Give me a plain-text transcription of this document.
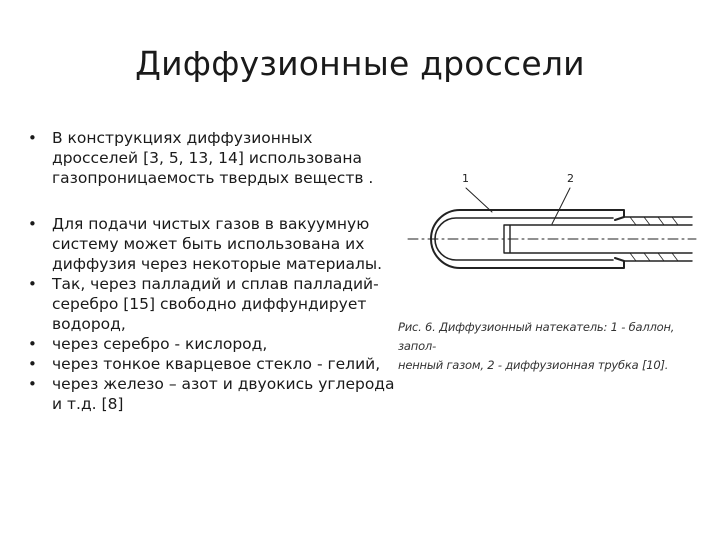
Диффузионные дроссели
• В конструкциях диффузионных дросселей [3, 5, 13, 14] использована газопроницаемость твердых веществ .
• Для подачи чистых газов в вакуумную систему может быть использована их диффузия через некоторые материалы.
• Так, через палладий и сплав палладий-серебро [15] свободно диффундирует водород,
• через серебро - кислород,
• через тонкое кварцевое стекло - гелий,
• через железо – азот и двуокись углерода и т.д. [8]
1	2
Рис. 6. Диффузионный натекатель: 1 - баллон, запол-
ненный газом, 2 - диффузионная трубка [10].
